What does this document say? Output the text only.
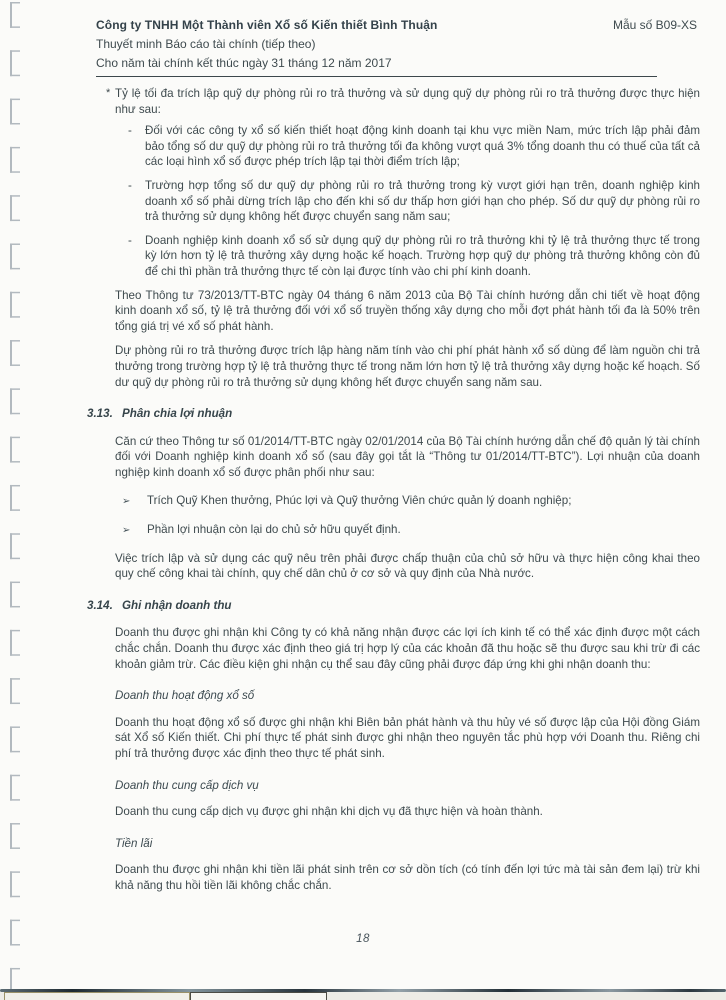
Công ty TNHH Một Thành viên Xổ số Kiến thiết Bình Thuận	Mẫu số B09-XS
Thuyết minh Báo cáo tài chính (tiếp theo)
Cho năm tài chính kết thúc ngày 31 tháng 12 năm 2017
* Tỷ lệ tối đa trích lập quỹ dự phòng rủi ro trả thưởng và sử dụng quỹ dự phòng rủi ro trả thưởng được thực hiện như sau:
-	Đối với các công ty xổ số kiến thiết hoạt động kinh doanh tại khu vực miền Nam, mức trích lập phải đảm bảo tổng số dư quỹ dự phòng rủi ro trả thưởng tối đa không vượt quá 3% tổng doanh thu có thuế của tất cả các loại hình xổ số được phép trích lập tại thời điểm trích lập;
-	Trường hợp tổng số dư quỹ dự phòng rủi ro trả thưởng trong kỳ vượt giới hạn trên, doanh nghiệp kinh doanh xổ số phải dừng trích lập cho đến khi số dư thấp hơn giới hạn cho phép. Số dư quỹ dự phòng rủi ro trả thưởng sử dụng không hết được chuyển sang năm sau;
-	Doanh nghiệp kinh doanh xổ số sử dụng quỹ dự phòng rủi ro trả thưởng khi tỷ lệ trả thưởng thực tế trong kỳ lớn hơn tỷ lệ trả thưởng xây dựng hoặc kế hoạch. Trường hợp quỹ dự phòng trả thưởng không còn đủ để chi thì phần trả thưởng thực tế còn lại được tính vào chi phí kinh doanh.

Theo Thông tư 73/2013/TT-BTC ngày 04 tháng 6 năm 2013 của Bộ Tài chính hướng dẫn chi tiết về hoạt động kinh doanh xổ số, tỷ lệ trả thưởng đối với xổ số truyền thống xây dựng cho mỗi đợt phát hành tối đa là 50% trên tổng giá trị vé xổ số phát hành.

Dự phòng rủi ro trả thưởng được trích lập hàng năm tính vào chi phí phát hành xổ số dùng để làm nguồn chi trả thưởng trong trường hợp tỷ lệ trả thưởng thực tế trong năm lớn hơn tỷ lệ trả thưởng xây dựng hoặc kế hoạch. Số dư quỹ dự phòng rủi ro trả thưởng sử dụng không hết được chuyển sang năm sau.

3.13. Phân chia lợi nhuận

Căn cứ theo Thông tư số 01/2014/TT-BTC ngày 02/01/2014 của Bộ Tài chính hướng dẫn chế độ quản lý tài chính đối với Doanh nghiệp kinh doanh xổ số (sau đây gọi tắt là “Thông tư 01/2014/TT-BTC”). Lợi nhuận của doanh nghiệp kinh doanh xổ số được phân phối như sau:

➢	Trích Quỹ Khen thưởng, Phúc lợi và Quỹ thưởng Viên chức quản lý doanh nghiệp;
➢	Phần lợi nhuận còn lại do chủ sở hữu quyết định.

Việc trích lập và sử dụng các quỹ nêu trên phải được chấp thuận của chủ sở hữu và thực hiện công khai theo quy chế công khai tài chính, quy chế dân chủ ở cơ sở và quy định của Nhà nước.

3.14. Ghi nhận doanh thu

Doanh thu được ghi nhận khi Công ty có khả năng nhận được các lợi ích kinh tế có thể xác định được một cách chắc chắn. Doanh thu được xác định theo giá trị hợp lý của các khoản đã thu hoặc sẽ thu được sau khi trừ đi các khoản giảm trừ. Các điều kiện ghi nhận cụ thể sau đây cũng phải được đáp ứng khi ghi nhận doanh thu:

Doanh thu hoạt động xổ số

Doanh thu hoạt động xổ số được ghi nhận khi Biên bản phát hành và thu hủy vé số được lập của Hội đồng Giám sát Xổ số Kiến thiết. Chi phí thực tế phát sinh được ghi nhận theo nguyên tắc phù hợp với Doanh thu. Riêng chi phí trả thưởng được xác định theo thực tế phát sinh.

Doanh thu cung cấp dịch vụ

Doanh thu cung cấp dịch vụ được ghi nhận khi dịch vụ đã thực hiện và hoàn thành.

Tiền lãi

Doanh thu được ghi nhận khi tiền lãi phát sinh trên cơ sở dồn tích (có tính đến lợi tức mà tài sản đem lại) trừ khi khả năng thu hồi tiền lãi không chắc chắn.

18
